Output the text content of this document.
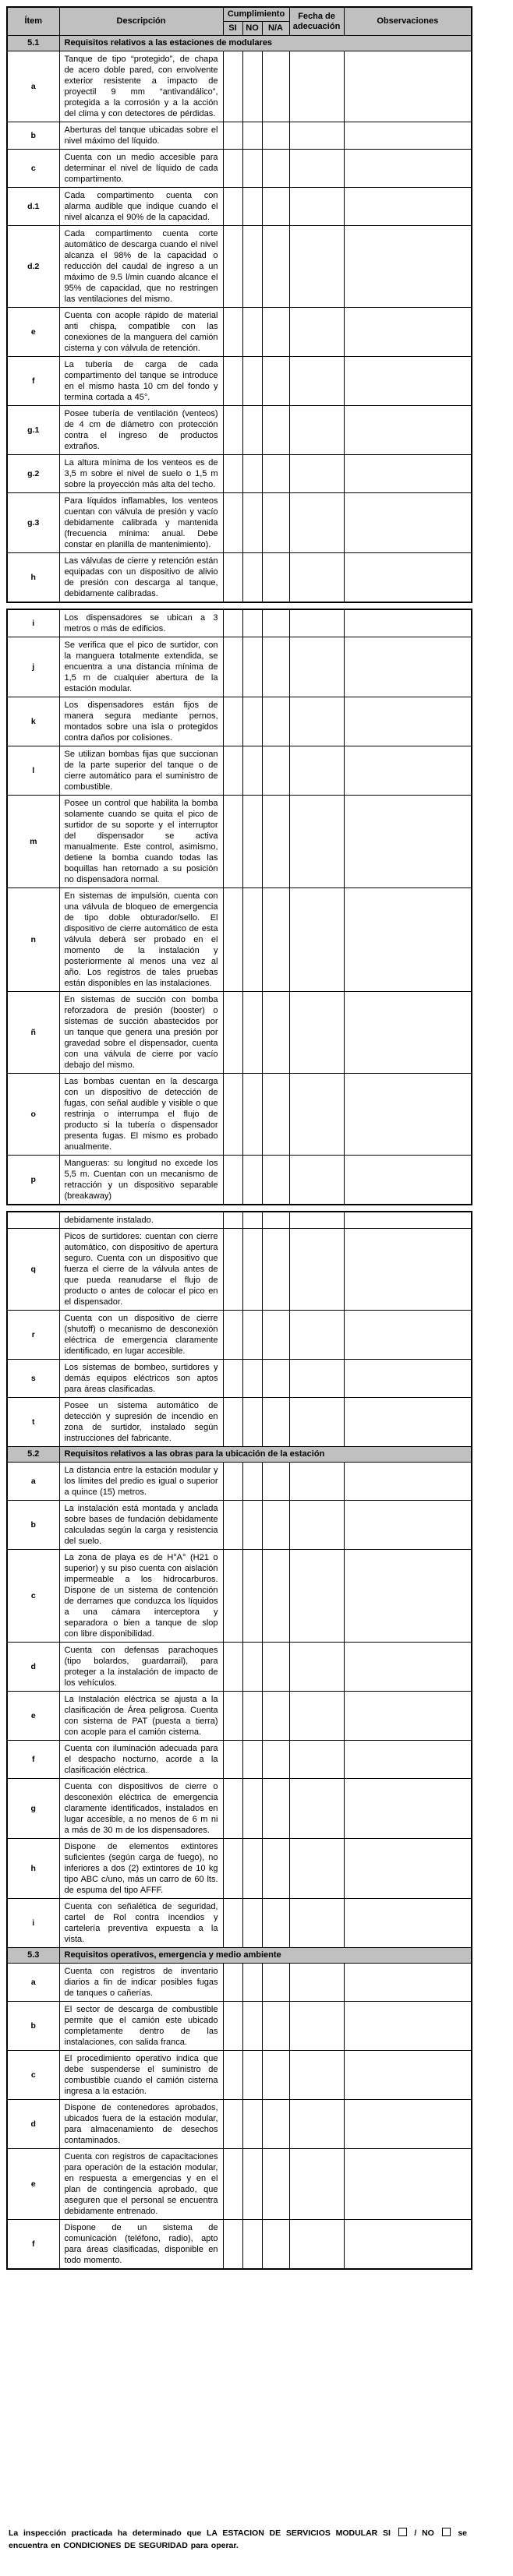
Ítem	Descripción	Cumplimiento			Fecha de adecuación	Observaciones
		SI	NO	N/A		
5.1	Requisitos relativos a las estaciones de modulares					
a	Tanque de tipo “protegido”, de chapa de acero doble pared, con envolvente exterior resistente a impacto de proyectil 9 mm “antivandálico”, protegida a la corrosión y a la acción del clima y con detectores de pérdidas.					
b	Aberturas del tanque ubicadas sobre el nivel máximo del líquido.					
c	Cuenta con un medio accesible para determinar el nivel de líquido de cada compartimento.					
d.1	Cada compartimento cuenta con alarma audible que indique cuando el nivel alcanza el 90% de la capacidad.					
d.2	Cada compartimento cuenta corte automático de descarga cuando el nivel alcanza el 98% de la capacidad o reducción del caudal de ingreso a un máximo de 9.5 l/min cuando alcance el 95% de capacidad, que no restringen las ventilaciones del mismo.					
e	Cuenta con acople rápido de material anti chispa, compatible con las conexiones de la manguera del camión cisterna y con válvula de retención.					
f	La tubería de carga de cada compartimento del tanque se introduce en el mismo hasta 10 cm del fondo y termina cortada a 45°.					
g.1	Posee tubería de ventilación (venteos) de 4 cm de diámetro con protección contra el ingreso de productos extraños.					
g.2	La altura mínima de los venteos es de 3,5 m sobre el nivel de suelo o 1,5 m sobre la proyección más alta del techo.					
g.3	Para líquidos inflamables, los venteos cuentan con válvula de presión y vacío debidamente calibrada y mantenida (frecuencia mínima: anual. Debe constar en planilla de mantenimiento).					
h	Las válvulas de cierre y retención están equipadas con un dispositivo de alivio de presión con descarga al tanque, debidamente calibradas.					
i	Los dispensadores se ubican a 3 metros o más de edificios.					
j	Se verifica que el pico de surtidor, con la manguera totalmente extendida, se encuentra a una distancia mínima de 1,5 m de cualquier abertura de la estación modular.					
k	Los dispensadores están fijos de manera segura mediante pernos, montados sobre una isla o protegidos contra daños por colisiones.					
l	Se utilizan bombas fijas que succionan de la parte superior del tanque o de cierre automático para el suministro de combustible.					
m	Posee un control que habilita la bomba solamente cuando se quita el pico de surtidor de su soporte y el interruptor del dispensador se activa manualmente. Este control, asimismo, detiene la bomba cuando todas las boquillas han retornado a su posición no dispensadora normal.					
n	En sistemas de impulsión, cuenta con una válvula de bloqueo de emergencia de tipo doble obturador/sello. El dispositivo de cierre automático de esta válvula deberá ser probado en el momento de la instalación y posteriormente al menos una vez al año. Los registros de tales pruebas están disponibles en las instalaciones.					
ñ	En sistemas de succión con bomba reforzadora de presión (booster) o sistemas de succión abastecidos por un tanque que genera una presión por gravedad sobre el dispensador, cuenta con una válvula de cierre por vacío debajo del mismo.					
o	Las bombas cuentan en la descarga con un dispositivo de detección de fugas, con señal audible y visible o que restrinja o interrumpa el flujo de producto si la tubería o dispensador presenta fugas. El mismo es probado anualmente.					
p	Mangueras: su longitud no excede los 5,5 m. Cuentan con un mecanismo de retracción y un dispositivo separable (breakaway)					
	debidamente instalado.					
q	Picos de surtidores: cuentan con cierre automático, con dispositivo de apertura seguro. Cuenta con un dispositivo que fuerza el cierre de la válvula antes de que pueda reanudarse el flujo de producto o antes de colocar el pico en el dispensador.					
r	Cuenta con un dispositivo de cierre (shutoff) o mecanismo de desconexión eléctrica de emergencia claramente identificado, en lugar accesible.					
s	Los sistemas de bombeo, surtidores y demás equipos eléctricos son aptos para áreas clasificadas.					
t	Posee un sistema automático de detección y supresión de incendio en zona de surtidor, instalado según instrucciones del fabricante.					
5.2	Requisitos relativos a las obras para la ubicación de la estación					
a	La distancia entre la estación modular y los límites del predio es igual o superior a quince (15) metros.					
b	La instalación está montada y anclada sobre bases de fundación debidamente calculadas según la carga y resistencia del suelo.					
c	La zona de playa es de H°A° (H21 o superior) y su piso cuenta con aislación impermeable a los hidrocarburos. Dispone de un sistema de contención de derrames que conduzca los líquidos a una cámara interceptora y separadora o bien a tanque de slop con libre disponibilidad.					
d	Cuenta con defensas parachoques (tipo bolardos, guardarrail), para proteger a la instalación de impacto de los vehículos.					
e	La Instalación eléctrica se ajusta a la clasificación de Área peligrosa. Cuenta con sistema de PAT (puesta a tierra) con acople para el camión cisterna.					
f	Cuenta con iluminación adecuada para el despacho nocturno, acorde a la clasificación eléctrica.					
g	Cuenta con dispositivos de cierre o desconexión eléctrica de emergencia claramente identificados, instalados en lugar accesible, a no menos de 6 m ni a más de 30 m de los dispensadores.					
h	Dispone de elementos extintores suficientes (según carga de fuego), no inferiores a dos (2) extintores de 10 kg tipo ABC c/uno, más un carro de 60 lts. de espuma del tipo AFFF.					
i	Cuenta con señalética de seguridad, cartel de Rol contra incendios y cartelería preventiva expuesta a la vista.					
5.3	Requisitos operativos, emergencia y medio ambiente					
a	Cuenta con registros de inventario diarios a fin de indicar posibles fugas de tanques o cañerías.					
b	El sector de descarga de combustible permite que el camión este ubicado completamente dentro de las instalaciones, con salida franca.					
c	El procedimiento operativo indica que debe suspenderse el suministro de combustible cuando el camión cisterna ingresa a la estación.					
d	Dispone de contenedores aprobados, ubicados fuera de la estación modular, para almacenamiento de desechos contaminados.					
e	Cuenta con registros de capacitaciones para operación de la estación modular, en respuesta a emergencias y en el plan de contingencia aprobado, que aseguren que el personal se encuentra debidamente entrenado.					
f	Dispone de un sistema de comunicación (teléfono, radio), apto para áreas clasificadas, disponible en todo momento.					

La inspección practicada ha determinado que LA ESTACION DE SERVICIOS MODULAR SI	/ NO	se encuentra en CONDICIONES DE SEGURIDAD para operar.
